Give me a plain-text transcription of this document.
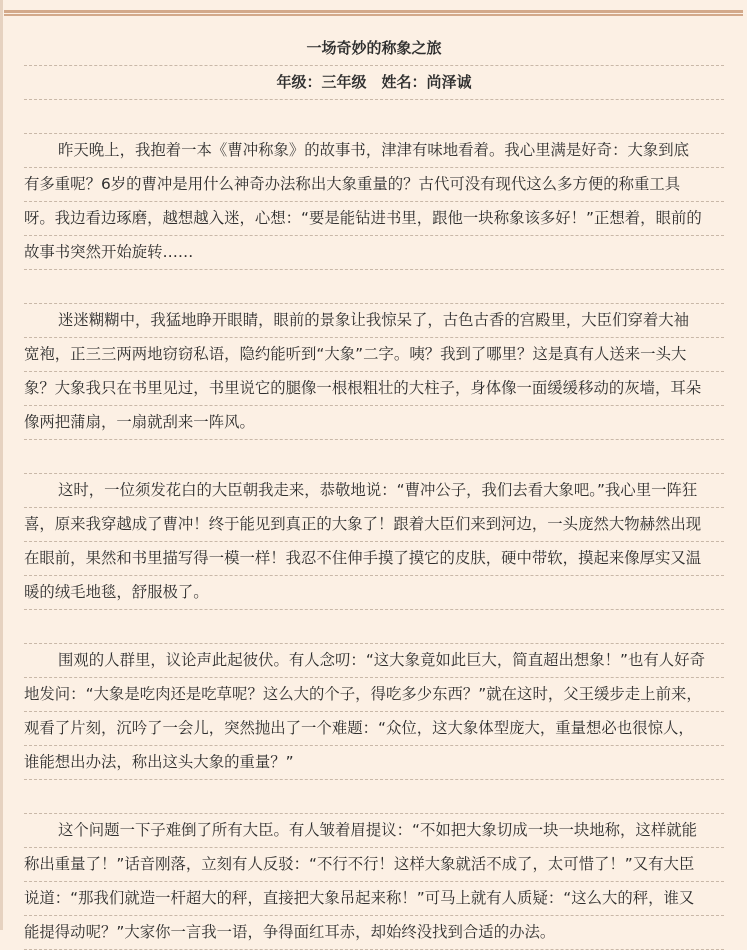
一场奇妙的称象之旅
年级：三年级　姓名：尚泽诚
昨天晚上，我抱着一本《曹冲称象》的故事书，津津有味地看着。我心里满是好奇：大象到底
有多重呢？6岁的曹冲是用什么神奇办法称出大象重量的？古代可没有现代这么多方便的称重工具
呀。我边看边琢磨，越想越入迷，心想：“要是能钻进书里，跟他一块称象该多好！”正想着，眼前的
故事书突然开始旋转……
迷迷糊糊中，我猛地睁开眼睛，眼前的景象让我惊呆了，古色古香的宫殿里，大臣们穿着大袖
宽袍，正三三两两地窃窃私语，隐约能听到“大象”二字。咦？我到了哪里？这是真有人送来一头大
象？大象我只在书里见过，书里说它的腿像一根根粗壮的大柱子，身体像一面缓缓移动的灰墙，耳朵
像两把蒲扇，一扇就刮来一阵风。
这时，一位须发花白的大臣朝我走来，恭敬地说：“曹冲公子，我们去看大象吧。”我心里一阵狂
喜，原来我穿越成了曹冲！终于能见到真正的大象了！跟着大臣们来到河边，一头庞然大物赫然出现
在眼前，果然和书里描写得一模一样！我忍不住伸手摸了摸它的皮肤，硬中带软，摸起来像厚实又温
暖的绒毛地毯，舒服极了。
围观的人群里，议论声此起彼伏。有人念叨：“这大象竟如此巨大，简直超出想象！”也有人好奇
地发问：“大象是吃肉还是吃草呢？这么大的个子，得吃多少东西？”就在这时，父王缓步走上前来，
观看了片刻，沉吟了一会儿，突然抛出了一个难题：“众位，这大象体型庞大，重量想必也很惊人，
谁能想出办法，称出这头大象的重量？”
这个问题一下子难倒了所有大臣。有人皱着眉提议：“不如把大象切成一块一块地称，这样就能
称出重量了！”话音刚落，立刻有人反驳：“不行不行！这样大象就活不成了，太可惜了！”又有大臣
说道：“那我们就造一杆超大的秤，直接把大象吊起来称！”可马上就有人质疑：“这么大的秤，谁又
能提得动呢？”大家你一言我一语，争得面红耳赤，却始终没找到合适的办法。
